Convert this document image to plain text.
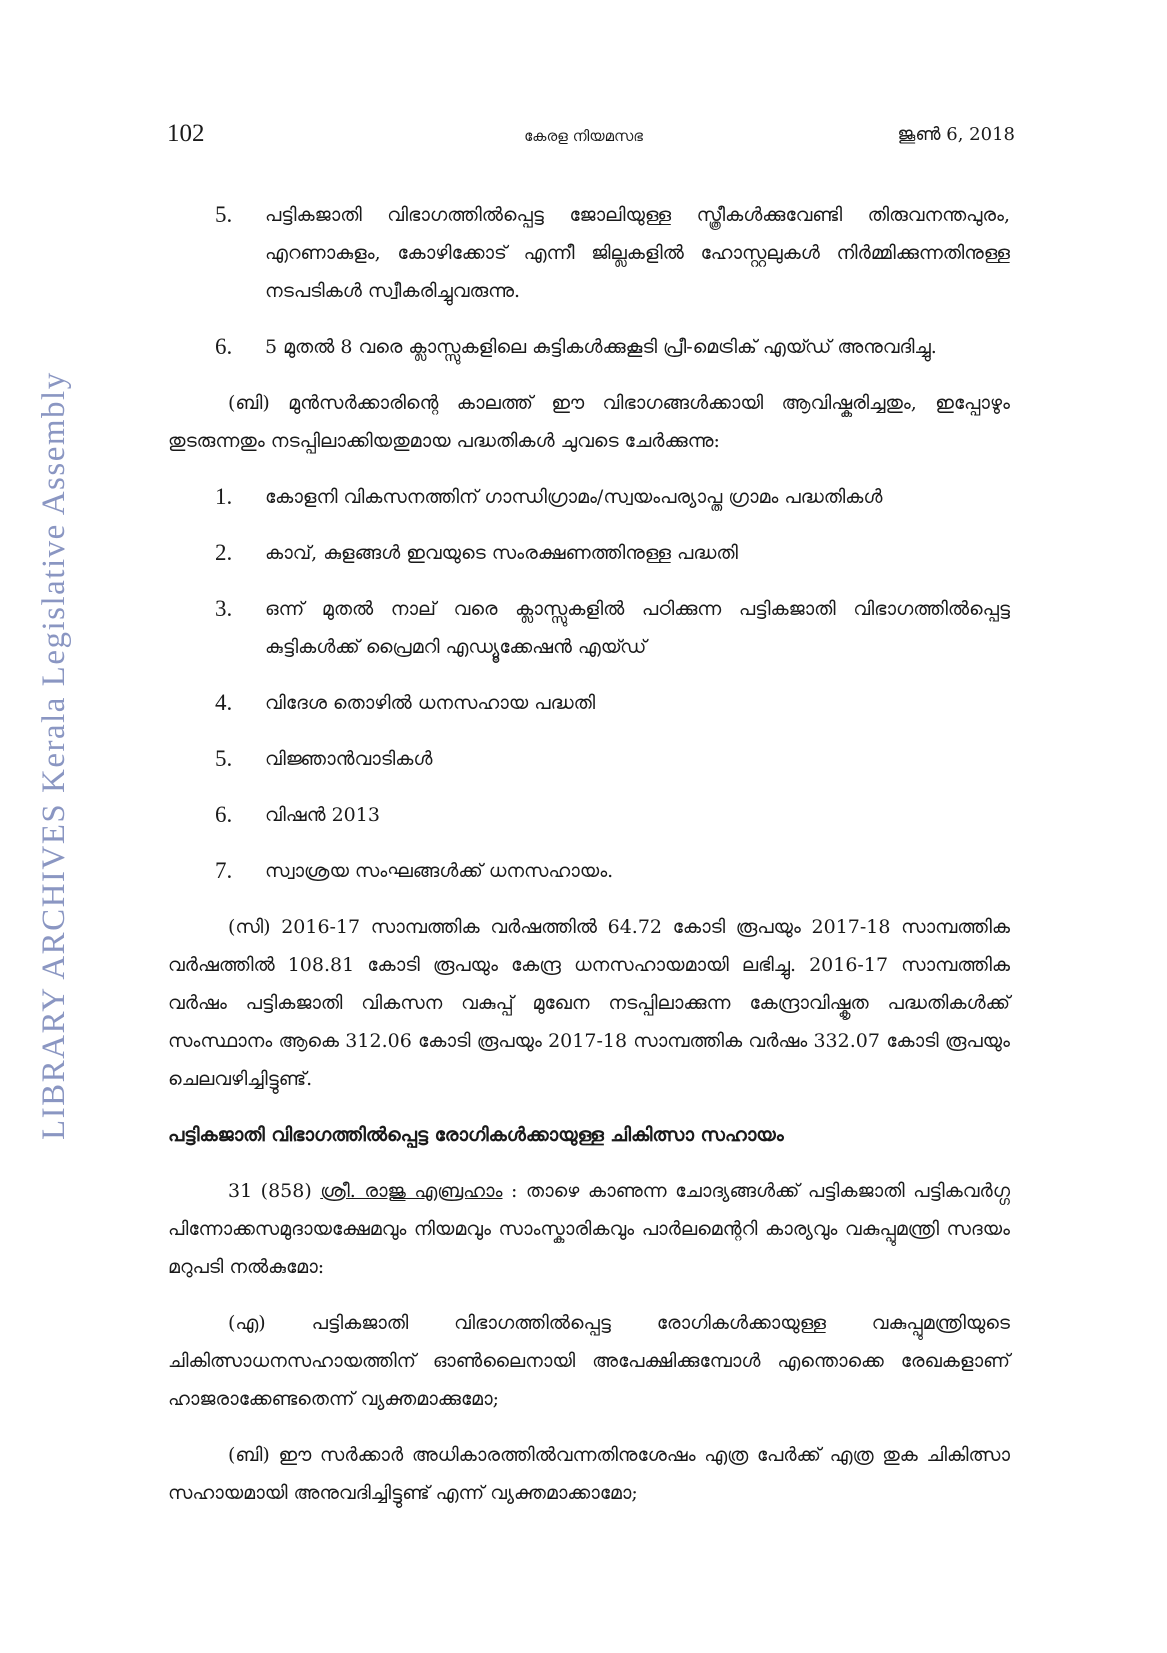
102	കേരള നിയമസഭ	ജൂൺ 6, 2018
LIBRARY ARCHIVES Kerala Legislative Assembly
5. പട്ടികജാതി വിഭാഗത്തിൽപ്പെട്ട ജോലിയുള്ള സ്ത്രീകൾക്കുവേണ്ടി തിരുവനന്തപുരം, എറണാകുളം, കോഴിക്കോട് എന്നീ ജില്ലകളിൽ ഹോസ്റ്റലുകൾ നിർമ്മിക്കുന്നതിനുള്ള നടപടികൾ സ്വീകരിച്ചുവരുന്നു.
6. 5 മുതൽ 8 വരെ ക്ലാസ്സുകളിലെ കുട്ടികൾക്കുകൂടി പ്രീ-മെട്രിക് എയ്ഡ് അനുവദിച്ചു.

(ബി) മുൻസർക്കാരിന്റെ കാലത്ത് ഈ വിഭാഗങ്ങൾക്കായി ആവിഷ്കരിച്ചതും, ഇപ്പോഴും തുടരുന്നതും നടപ്പിലാക്കിയതുമായ പദ്ധതികൾ ചുവടെ ചേർക്കുന്നു:

1. കോളനി വികസനത്തിന് ഗാന്ധിഗ്രാമം/സ്വയംപര്യാപ്ത ഗ്രാമം പദ്ധതികൾ
2. കാവ്, കുളങ്ങൾ ഇവയുടെ സംരക്ഷണത്തിനുള്ള പദ്ധതി
3. ഒന്ന് മുതൽ നാല് വരെ ക്ലാസ്സുകളിൽ പഠിക്കുന്ന പട്ടികജാതി വിഭാഗത്തിൽപ്പെട്ട കുട്ടികൾക്ക് പ്രൈമറി എഡ്യൂക്കേഷൻ എയ്ഡ്
4. വിദേശ തൊഴിൽ ധനസഹായ പദ്ധതി
5. വിജ്ഞാൻവാടികൾ
6. വിഷൻ 2013
7. സ്വാശ്രയ സംഘങ്ങൾക്ക് ധനസഹായം.

(സി) 2016-17 സാമ്പത്തിക വർഷത്തിൽ 64.72 കോടി രൂപയും 2017-18 സാമ്പത്തിക വർഷത്തിൽ 108.81 കോടി രൂപയും കേന്ദ്ര ധനസഹായമായി ലഭിച്ചു. 2016-17 സാമ്പത്തിക വർഷം പട്ടികജാതി വികസന വകുപ്പ് മുഖേന നടപ്പിലാക്കുന്ന കേന്ദ്രാവിഷ്കൃത പദ്ധതികൾക്ക് സംസ്ഥാനം ആകെ 312.06 കോടി രൂപയും 2017-18 സാമ്പത്തിക വർഷം 332.07 കോടി രൂപയും ചെലവഴിച്ചിട്ടുണ്ട്.

പട്ടികജാതി വിഭാഗത്തിൽപ്പെട്ട രോഗികൾക്കായുള്ള ചികിത്സാ സഹായം

31 (858) ശ്രീ. രാജു എബ്രഹാം : താഴെ കാണുന്ന ചോദ്യങ്ങൾക്ക് പട്ടികജാതി പട്ടികവർഗ്ഗ പിന്നോക്കസമുദായക്ഷേമവും നിയമവും സാംസ്കാരികവും പാർലമെന്ററി കാര്യവും വകുപ്പുമന്ത്രി സദയം മറുപടി നൽകുമോ:

(എ) പട്ടികജാതി വിഭാഗത്തിൽപ്പെട്ട രോഗികൾക്കായുള്ള വകുപ്പുമന്ത്രിയുടെ ചികിത്സാധനസഹായത്തിന് ഓൺലൈനായി അപേക്ഷിക്കുമ്പോൾ എന്തൊക്കെ രേഖകളാണ് ഹാജരാക്കേണ്ടതെന്ന് വ്യക്തമാക്കുമോ;

(ബി) ഈ സർക്കാർ അധികാരത്തിൽവന്നതിനുശേഷം എത്ര പേർക്ക് എത്ര തുക ചികിത്സാ സഹായമായി അനുവദിച്ചിട്ടുണ്ട് എന്ന് വ്യക്തമാക്കാമോ;
